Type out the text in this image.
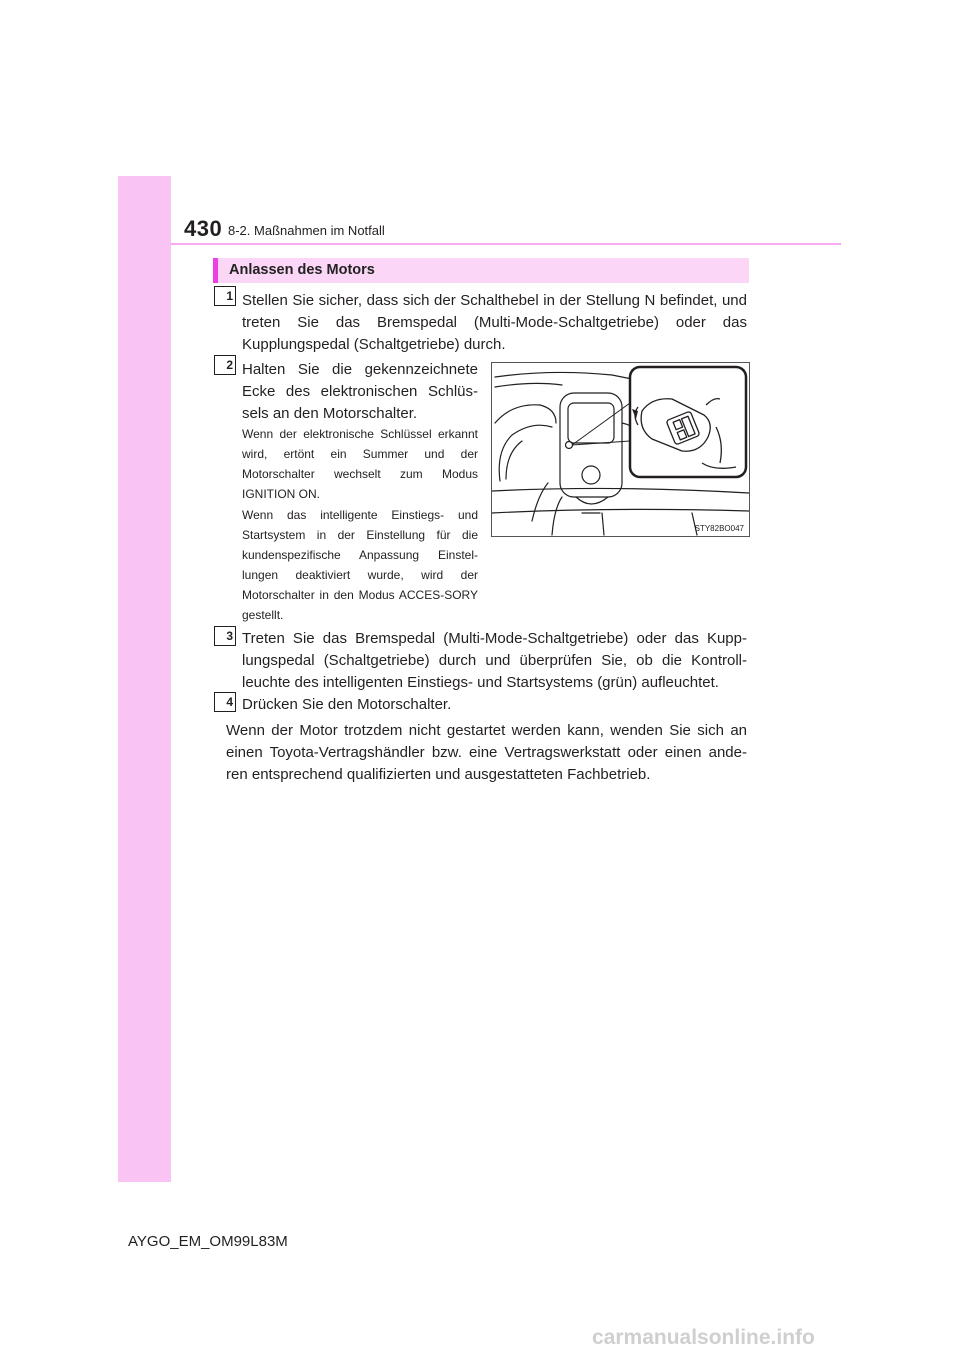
430 8-2. Maßnahmen im Notfall
Anlassen des Motors
1 Stellen Sie sicher, dass sich der Schalthebel in der Stellung N befindet, und treten Sie das Bremspedal (Multi-Mode-Schaltgetriebe) oder das Kupplungspedal (Schaltgetriebe) durch.
2 Halten Sie die gekennzeichnete Ecke des elektronischen Schlüs-sels an den Motorschalter.
Wenn der elektronische Schlüssel erkannt wird, ertönt ein Summer und der Motorschalter wechselt zum Modus IGNITION ON.
Wenn das intelligente Einstiegs- und Startsystem in der Einstellung für die kundenspezifische Anpassung Einstel-lungen deaktiviert wurde, wird der Motorschalter in den Modus ACCES-SORY gestellt.
STY82BO047
3 Treten Sie das Bremspedal (Multi-Mode-Schaltgetriebe) oder das Kupp-lungspedal (Schaltgetriebe) durch und überprüfen Sie, ob die Kontroll-leuchte des intelligenten Einstiegs- und Startsystems (grün) aufleuchtet.
4 Drücken Sie den Motorschalter.
Wenn der Motor trotzdem nicht gestartet werden kann, wenden Sie sich an einen Toyota-Vertragshändler bzw. eine Vertragswerkstatt oder einen ande-ren entsprechend qualifizierten und ausgestatteten Fachbetrieb.
AYGO_EM_OM99L83M
carmanualsonline.info
